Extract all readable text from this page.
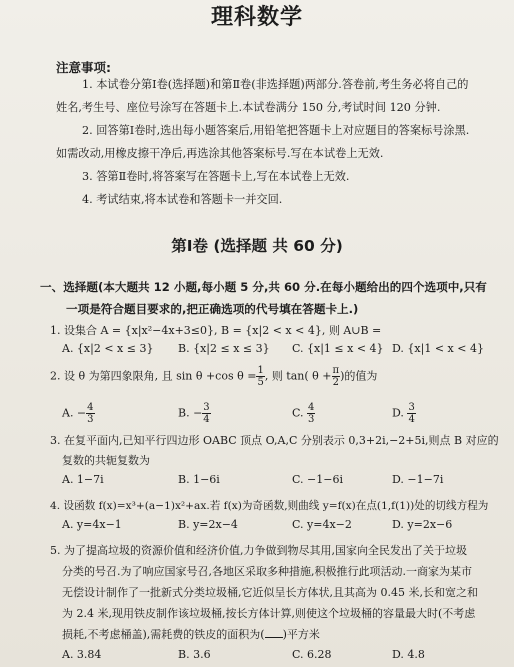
理科数学
注意事项:
1. 本试卷分第Ⅰ卷(选择题)和第Ⅱ卷(非选择题)两部分.答卷前,考生务必将自己的
姓名,考生号、座位号涂写在答题卡上.本试卷满分 150 分,考试时间 120 分钟.
2. 回答第Ⅰ卷时,选出每小题答案后,用铅笔把答题卡上对应题目的答案标号涂黑.
如需改动,用橡皮擦干净后,再选涂其他答案标号.写在本试卷上无效.
3. 答第Ⅱ卷时,将答案写在答题卡上,写在本试卷上无效.
4. 考试结束,将本试卷和答题卡一并交回.
第Ⅰ卷 (选择题 共 60 分)
一、选择题(本大题共 12 小题,每小题 5 分,共 60 分.在每小题给出的四个选项中,只有
一项是符合题目要求的,把正确选项的代号填在答题卡上.)
1. 设集合 A = {x|x²−4x+3≤0}, B = {x|2 < x < 4}, 则 A∪B =
A. {x|2 < x ≤ 3} B. {x|2 ≤ x ≤ 3} C. {x|1 ≤ x < 4} D. {x|1 < x < 4}
2. 设 θ 为第四象限角, 且 sin θ +cos $\theta = \frac{1}{5}$ , 则 tan( $\theta + \frac{\pi}{2}$ )的值为
A. − $\frac{4}{3}$	B. − $\frac{3}{4}$	C. $\frac{4}{3}$	D. $\frac{3}{4}$
3. 在复平面内,已知平行四边形 OABC 顶点 O,A,C 分别表示 0,3+2i,−2+5i,则点 B 对应的
复数的共轭复数为
A. 1−7i	B. 1−6i	C. −1−6i	D. −1−7i
4. 设函数 f(x)=x³+(a−1)x²+ax.若 f(x)为奇函数,则曲线 y=f(x)在点(1,f(1))处的切线方程为
A. y=4x−1	B. y=2x−4	C. y=4x−2	D. y=2x−6
5. 为了提高垃圾的资源价值和经济价值,力争做到物尽其用,国家向全民发出了关于垃圾
分类的号召.为了响应国家号召,各地区采取多种措施,积极推行此项活动.一商家为某市
无偿设计制作了一批新式分类垃圾桶,它近似呈长方体状,且其高为 0.45 米,长和宽之和
为 2.4 米,现用铁皮制作该垃圾桶,按长方体计算,则使这个垃圾桶的容量最大时(不考虑
损耗,不考虑桶盖),需耗费的铁皮的面积为( )平方米
A. 3.84	B. 3.6	C. 6.28	D. 4.8
